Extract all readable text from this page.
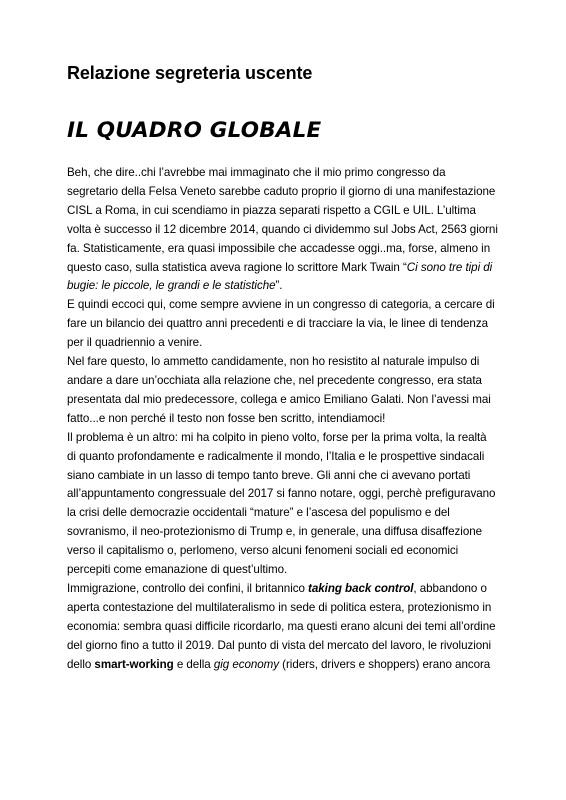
Relazione segreteria uscente
IL QUADRO GLOBALE

Beh, che dire..chi l’avrebbe mai immaginato che il mio primo congresso da
segretario della Felsa Veneto sarebbe caduto proprio il giorno di una manifestazione
CISL a Roma, in cui scendiamo in piazza separati rispetto a CGIL e UIL. L’ultima
volta è successo il 12 dicembre 2014, quando ci dividemmo sul Jobs Act, 2563 giorni
fa. Statisticamente, era quasi impossibile che accadesse oggi..ma, forse, almeno in
questo caso, sulla statistica aveva ragione lo scrittore Mark Twain “Ci sono tre tipi di
bugie: le piccole, le grandi e le statistiche”.

E quindi eccoci qui, come sempre avviene in un congresso di categoria, a cercare di
fare un bilancio dei quattro anni precedenti e di tracciare la via, le linee di tendenza
per il quadriennio a venire.

Nel fare questo, lo ammetto candidamente, non ho resistito al naturale impulso di
andare a dare un’occhiata alla relazione che, nel precedente congresso, era stata
presentata dal mio predecessore, collega e amico Emiliano Galati. Non l’avessi mai
fatto...e non perché il testo non fosse ben scritto, intendiamoci!

Il problema è un altro: mi ha colpito in pieno volto, forse per la prima volta, la realtà
di quanto profondamente e radicalmente il mondo, l’Italia e le prospettive sindacali
siano cambiate in un lasso di tempo tanto breve. Gli anni che ci avevano portati
all’appuntamento congressuale del 2017 si fanno notare, oggi, perchè prefiguravano
la crisi delle democrazie occidentali “mature” e l’ascesa del populismo e del
sovranismo, il neo-protezionismo di Trump e, in generale, una diffusa disaffezione
verso il capitalismo o, perlomeno, verso alcuni fenomeni sociali ed economici
percepiti come emanazione di quest’ultimo.

Immigrazione, controllo dei confini, il britannico taking back control, abbandono o
aperta contestazione del multilateralismo in sede di politica estera, protezionismo in
economia: sembra quasi difficile ricordarlo, ma questi erano alcuni dei temi all’ordine
del giorno fino a tutto il 2019. Dal punto di vista del mercato del lavoro, le rivoluzioni
dello smart-working e della gig economy (riders, drivers e shoppers) erano ancora
